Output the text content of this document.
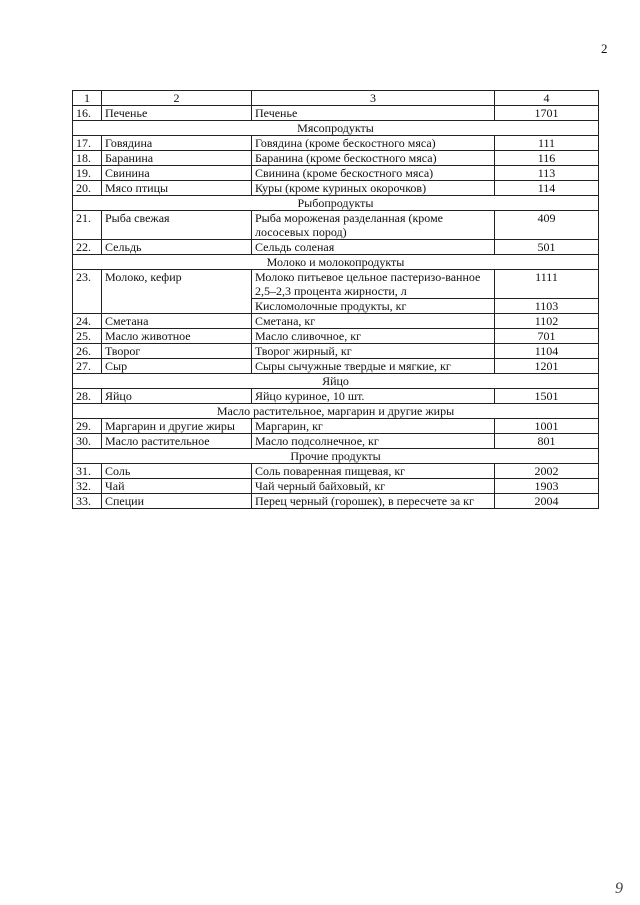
2
1	2	3	4
16.	Печенье	Печенье	1701
Мясопродукты			
17.	Говядина	Говядина (кроме бескостного мяса)	111
18.	Баранина	Баранина (кроме бескостного мяса)	116
19.	Свинина	Свинина (кроме бескостного мяса)	113
20.	Мясо птицы	Куры (кроме куриных окорочков)	114
Рыбопродукты			
21.	Рыба свежая	Рыба мороженая разделанная (кроме лососевых пород)	409
22.	Сельдь	Сельдь соленая	501
Молоко и молокопродукты			
23.	Молоко, кефир	Молоко питьевое цельное пастеризо-ванное 2,5–2,3 процента жирности, л	1111
		Кисломолочные продукты, кг	1103
24.	Сметана	Сметана, кг	1102
25.	Масло животное	Масло сливочное, кг	701
26.	Творог	Творог жирный, кг	1104
27.	Сыр	Сыры сычужные твердые и мягкие, кг	1201
Яйцо			
28.	Яйцо	Яйцо куриное, 10 шт.	1501
Масло растительное, маргарин и другие жиры			
29.	Маргарин и другие жиры	Маргарин, кг	1001
30.	Масло растительное	Масло подсолнечное, кг	801
Прочие продукты			
31.	Соль	Соль поваренная пищевая, кг	2002
32.	Чай	Чай черный байховый, кг	1903
33.	Специи	Перец черный (горошек), в пересчете за кг	2004
9
